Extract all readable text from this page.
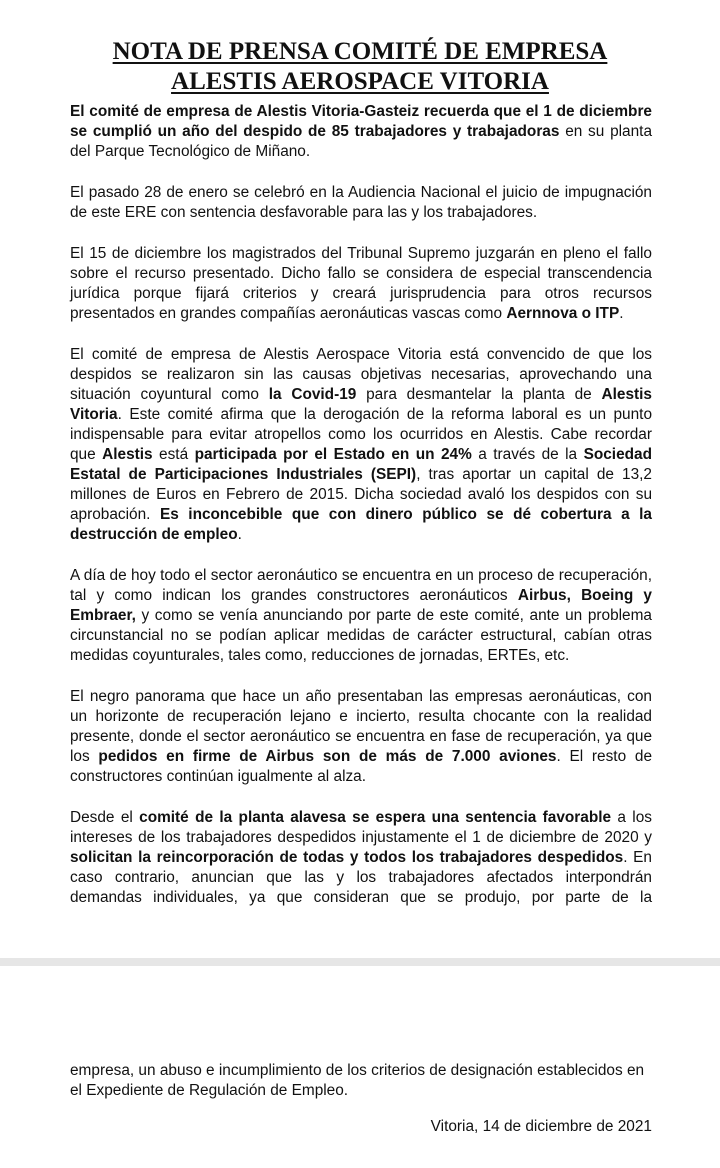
NOTA DE PRENSA COMITÉ DE EMPRESA
ALESTIS AEROSPACE VITORIA

El comité de empresa de Alestis Vitoria-Gasteiz recuerda que el 1 de diciembre se cumplió un año del despido de 85 trabajadores y trabajadoras en su planta del Parque Tecnológico de Miñano.

El pasado 28 de enero se celebró en la Audiencia Nacional el juicio de impugnación de este ERE con sentencia desfavorable para las y los trabajadores.

El 15 de diciembre los magistrados del Tribunal Supremo juzgarán en pleno el fallo sobre el recurso presentado. Dicho fallo se considera de especial transcendencia jurídica porque fijará criterios y creará jurisprudencia para otros recursos presentados en grandes compañías aeronáuticas vascas como Aernnova o ITP.

El comité de empresa de Alestis Aerospace Vitoria está convencido de que los despidos se realizaron sin las causas objetivas necesarias, aprovechando una situación coyuntural como la Covid-19 para desmantelar la planta de Alestis Vitoria. Este comité afirma que la derogación de la reforma laboral es un punto indispensable para evitar atropellos como los ocurridos en Alestis. Cabe recordar que Alestis está participada por el Estado en un 24% a través de la Sociedad Estatal de Participaciones Industriales (SEPI), tras aportar un capital de 13,2 millones de Euros en Febrero de 2015. Dicha sociedad avaló los despidos con su aprobación. Es inconcebible que con dinero público se dé cobertura a la destrucción de empleo.

A día de hoy todo el sector aeronáutico se encuentra en un proceso de recuperación, tal y como indican los grandes constructores aeronáuticos Airbus, Boeing y Embraer, y como se venía anunciando por parte de este comité, ante un problema circunstancial no se podían aplicar medidas de carácter estructural, cabían otras medidas coyunturales, tales como, reducciones de jornadas, ERTEs, etc.

El negro panorama que hace un año presentaban las empresas aeronáuticas, con un horizonte de recuperación lejano e incierto, resulta chocante con la realidad presente, donde el sector aeronáutico se encuentra en fase de recuperación, ya que los pedidos en firme de Airbus son de más de 7.000 aviones. El resto de constructores continúan igualmente al alza.

Desde el comité de la planta alavesa se espera una sentencia favorable a los intereses de los trabajadores despedidos injustamente el 1 de diciembre de 2020 y solicitan la reincorporación de todas y todos los trabajadores despedidos. En caso contrario, anuncian que las y los trabajadores afectados interpondrán demandas individuales, ya que consideran que se produjo, por parte de la

empresa, un abuso e incumplimiento de los criterios de designación establecidos en el Expediente de Regulación de Empleo.

Vitoria, 14 de diciembre de 2021
